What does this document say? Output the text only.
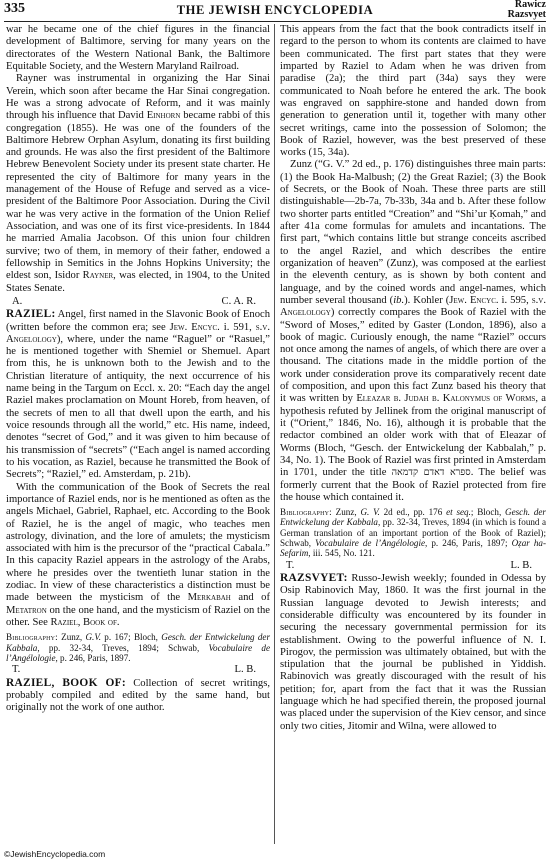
335	THE JEWISH ENCYCLOPEDIA	Rawicz
Razsvyet

war he became one of the chief figures in the financial development of Baltimore, serving for many years on the directorates of the Western National Bank, the Baltimore Equitable Society, and the Western Maryland Railroad.

Rayner was instrumental in organizing the Har Sinai Verein, which soon after became the Har Sinai congregation. He was a strong advocate of Reform, and it was mainly through his influence that David Einhorn became rabbi of this congregation (1855). He was one of the founders of the Baltimore Hebrew Orphan Asylum, donating its first building and grounds. He was also the first president of the Baltimore Hebrew Benevolent Society under its present state charter. He represented the city of Baltimore for many years in the management of the House of Refuge and served as a vice-president of the Baltimore Poor Association. During the Civil war he was very active in the formation of the Union Relief Association, and was one of its first vice-presidents. In 1844 he married Amalia Jacobson. Of this union four children survive; two of them, in memory of their father, endowed a fellowship in Semitics in the Johns Hopkins University; the eldest son, Isidor Rayner, was elected, in 1904, to the United States Senate.

A.	C. A. R.

RAZIEL: Angel, first named in the Slavonic Book of Enoch (written before the common era; see Jew. Encyc. i. 591, s.v. Angelology), where, under the name “Raguel” or “Rasuel,” he is mentioned together with Shemiel or Shemuel. Apart from this, he is unknown both to the Jewish and to the Christian literature of antiquity, the next occurrence of his name being in the Targum on Eccl. x. 20: “Each day the angel Raziel makes proclamation on Mount Horeb, from heaven, of the secrets of men to all that dwell upon the earth, and his voice resounds through all the world,” etc. His name, indeed, denotes “secret of God,” and it was given to him because of his transmission of “secrets” (“Each angel is named according to his vocation, as Raziel, because he transmitted the Book of Secrets”; “Raziel,” ed. Amsterdam, p. 21b).

With the communication of the Book of Secrets the real importance of Raziel ends, nor is he mentioned as often as the angels Michael, Gabriel, Raphael, etc. According to the Book of Raziel, he is the angel of magic, who teaches men astrology, divination, and the lore of amulets; the mysticism associated with him is the precursor of the “practical Cabala.” In this capacity Raziel appears in the astrology of the Arabs, where he presides over the twentieth lunar station in the zodiac. In view of these characteristics a distinction must be made between the mysticism of the Merkabah and of Metatron on the one hand, and the mysticism of Raziel on the other. See Raziel, Book of.

Bibliography: Zunz, G.V. p. 167; Bloch, Gesch. der Entwickelung der Kabbala, pp. 32-34, Treves, 1894; Schwab, Vocabulaire de l’Angélologie, p. 246, Paris, 1897.
T.	L. B.

RAZIEL, BOOK OF: Collection of secret writings, probably compiled and edited by the same hand, but originally not the work of one author.

This appears from the fact that the book contradicts itself in regard to the person to whom its contents are claimed to have been communicated. The first part states that they were imparted by Raziel to Adam when he was driven from paradise (2a); the third part (34a) says they were communicated to Noah before he entered the ark. The book was engraved on sapphire-stone and handed down from generation to generation until it, together with many other secret writings, came into the possession of Solomon; the Book of Raziel, however, was the best preserved of these works (15, 34a).

Zunz (“G. V.” 2d ed., p. 176) distinguishes three main parts: (1) the Book Ha-Malbush; (2) the Great Raziel; (3) the Book of Secrets, or the Book of Noah. These three parts are still distinguishable—2b-7a, 7b-33b, 34a and b. After these follow two shorter parts entitled “Creation” and “Shi’ur Ḳomah,” and after 41a come formulas for amulets and incantations. The first part, “which contains little but strange conceits ascribed to the angel Raziel, and which describes the entire organization of heaven” (Zunz), was composed at the earliest in the eleventh century, as is shown by both content and language, and by the coined words and angel-names, which number several thousand (ib.). Kohler (Jew. Encyc. i. 595, s.v. Angelology) correctly compares the Book of Raziel with the “Sword of Moses,” edited by Gaster (London, 1896), also a book of magic. Curiously enough, the name “Raziel” occurs not once among the names of angels, of which there are over a thousand. The citations made in the middle portion of the work under consideration prove its comparatively recent date of composition, and upon this fact Zunz based his theory that it was written by Eleazar b. Judah b. Kalonymus of Worms, a hypothesis refuted by Jellinek from the original manuscript of it (“Orient,” 1846, No. 16), although it is probable that the redactor combined an older work with that of Eleazar of Worms (Bloch, “Gesch. der Entwickelung der Kabbalah,” p. 34, No. 1). The Book of Raziel was first printed in Amsterdam in 1701, under the title ספרא דאדם קדמאה. The belief was formerly current that the Book of Raziel protected from fire the house which contained it.

Bibliography: Zunz, G. V. 2d ed., pp. 176 et seq.; Bloch, Gesch. der Entwickelung der Kabbala, pp. 32-34, Treves, 1894 (in which is found a German translation of an important portion of the Book of Raziel); Schwab, Vocabulaire de l’Angélologie, p. 246, Paris, 1897; Oẓar ha-Sefarim, iii. 545, No. 121.
T.	L. B.

RAZSVYET: Russo-Jewish weekly; founded in Odessa by Osip Rabinovich May, 1860. It was the first journal in the Russian language devoted to Jewish interests; and considerable difficulty was encountered by its founder in securing the necessary governmental permission for its establishment. Owing to the powerful influence of N. I. Pirogov, the permission was ultimately obtained, but with the stipulation that the journal be published in Yiddish. Rabinovich was greatly discouraged with the result of his petition; for, apart from the fact that it was the Russian language which he had specified therein, the proposed journal was placed under the supervision of the Kiev censor, and since only two cities, Jitomir and Wilna, were allowed to

©JewishEncyclopedia.com
